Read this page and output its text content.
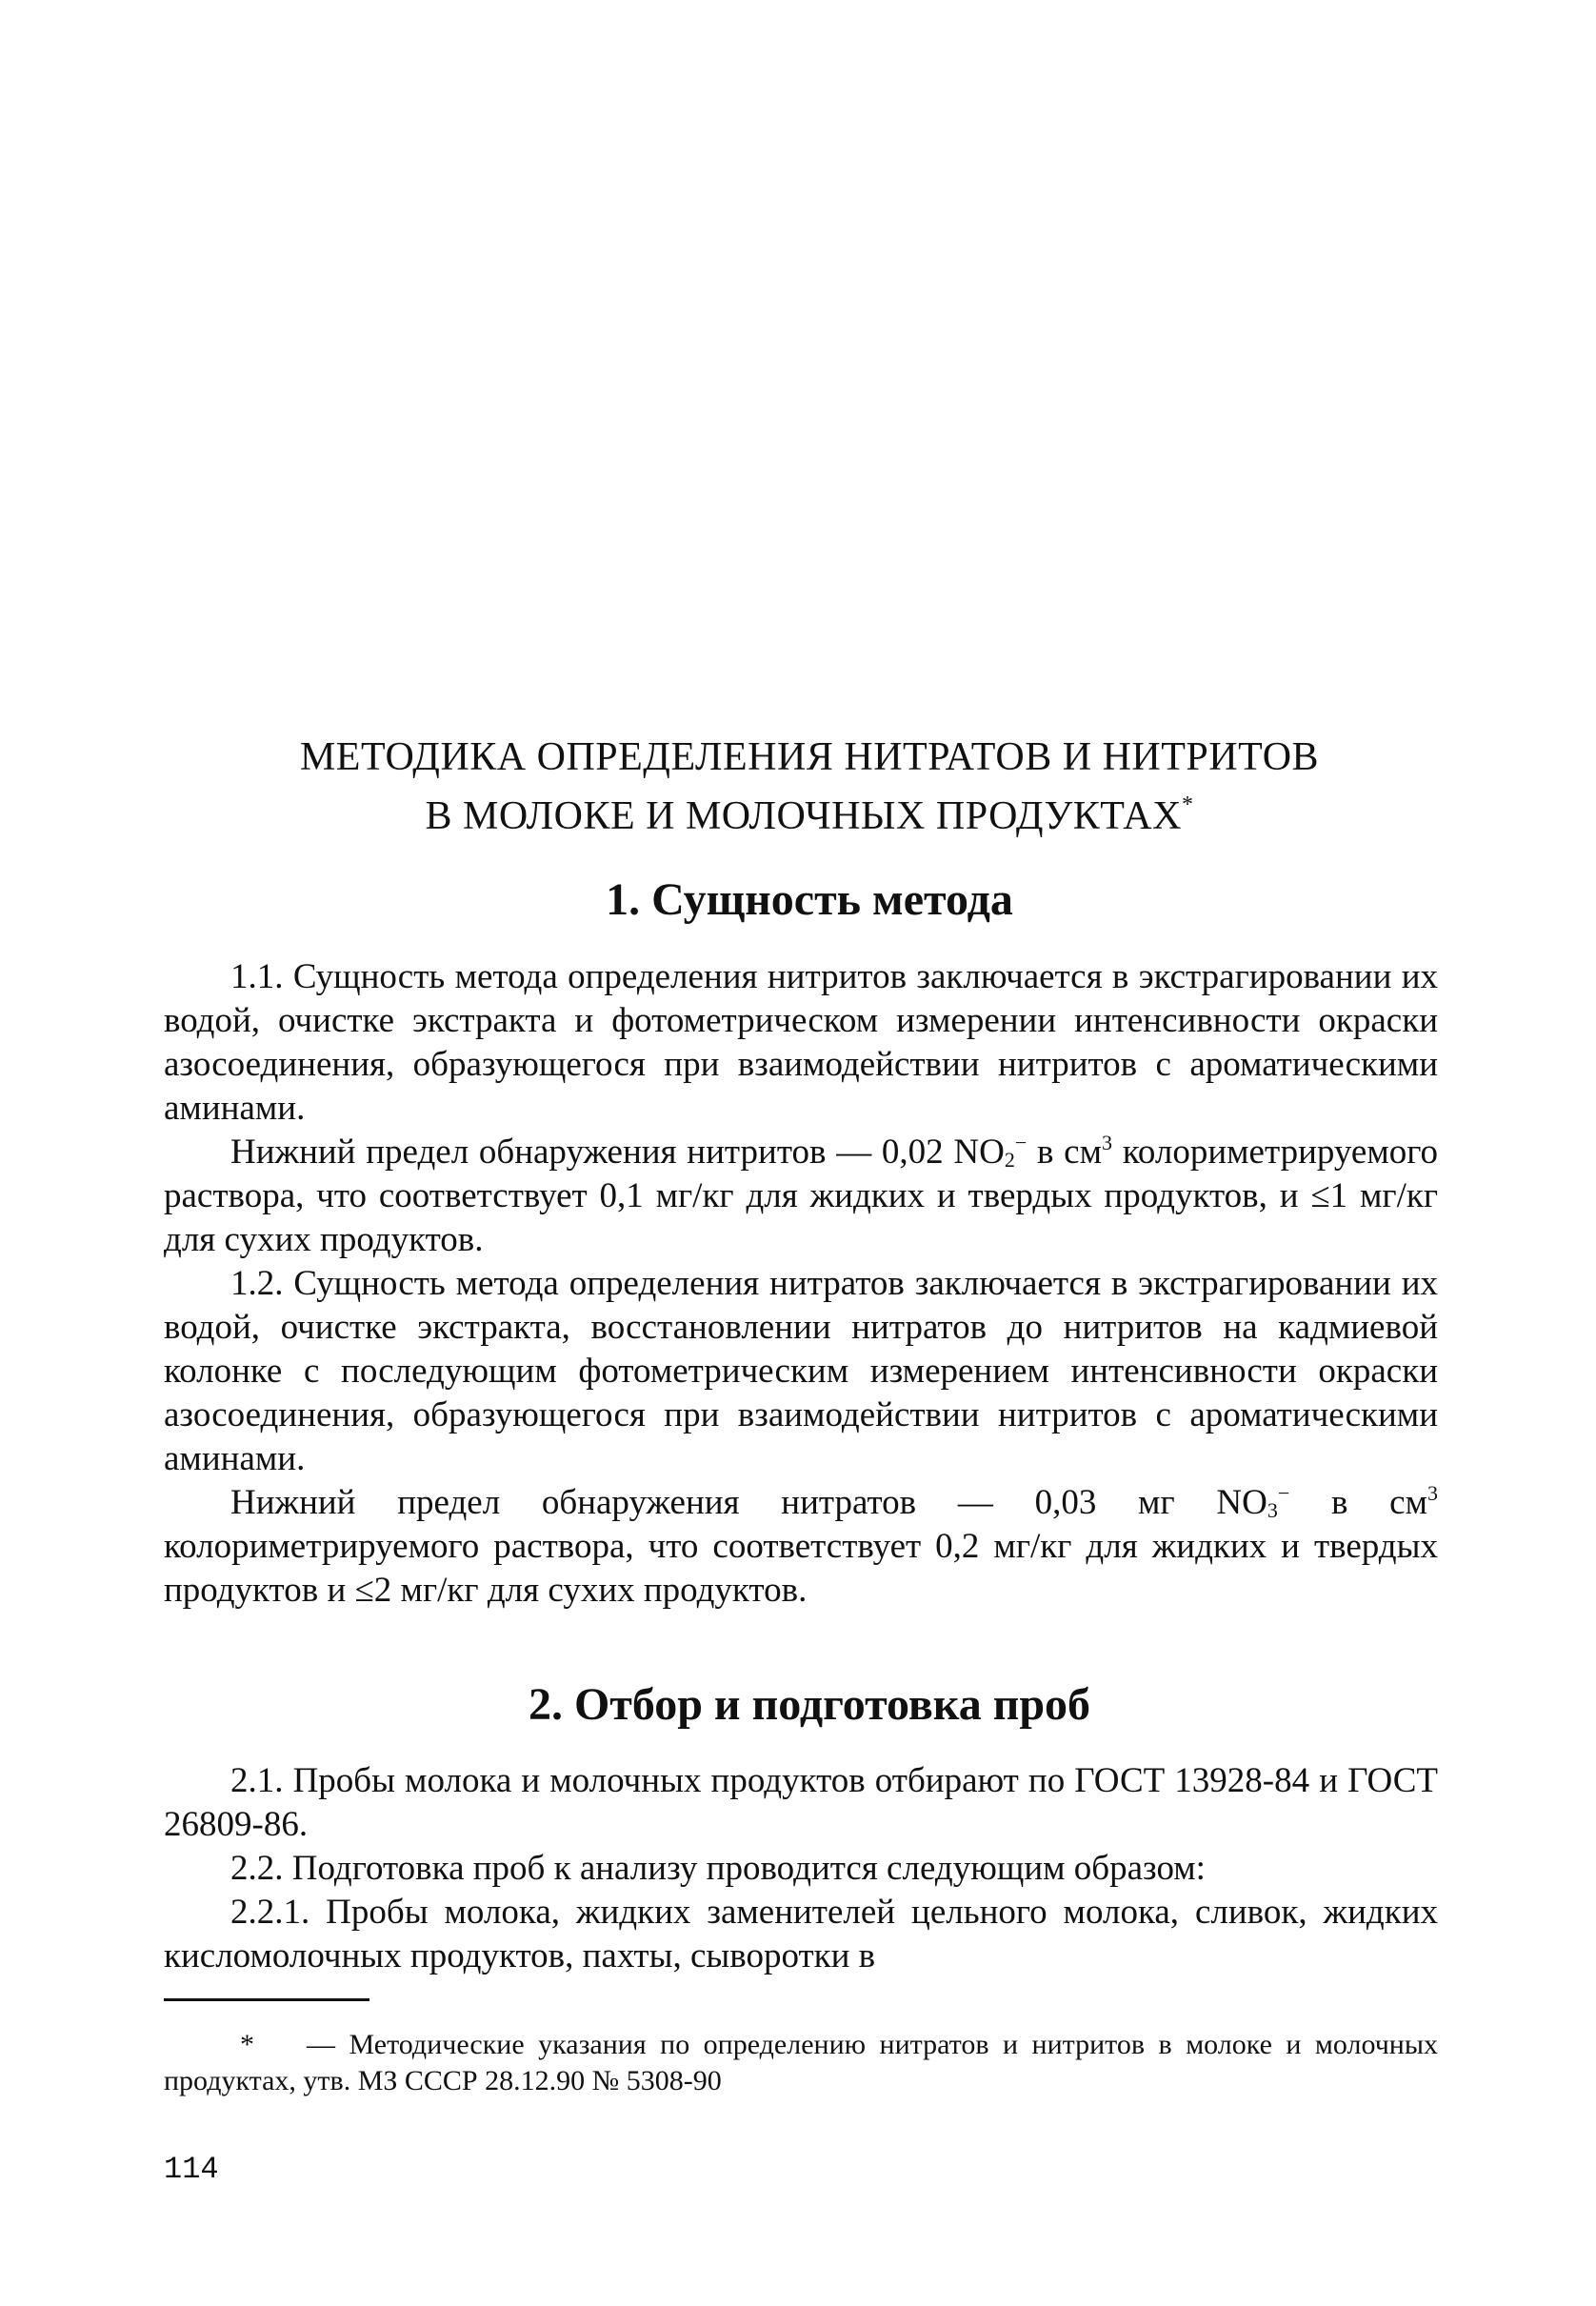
МЕТОДИКА ОПРЕДЕЛЕНИЯ НИТРАТОВ И НИТРИТОВ
В МОЛОКЕ И МОЛОЧНЫХ ПРОДУКТАХ*
1. Сущность метода

1.1. Сущность метода определения нитритов заключается в экстрагировании их водой, очистке экстракта и фотометрическом измерении интенсивности окраски азосоединения, образующегося при взаимодействии нитритов с ароматическими аминами.

Нижний предел обнаружения нитритов — 0,02 NO2− в $см^3$ колориметрируемого раствора, что соответствует 0,1 мг/кг для жидких и твердых продуктов, и ≤1 мг/кг для сухих продуктов.

1.2. Сущность метода определения нитратов заключается в экстрагировании их водой, очистке экстракта, восстановлении нитратов до нитритов на кадмиевой колонке с последующим фотометрическим измерением интенсивности окраски азосоединения, образующегося при взаимодействии нитритов с ароматическими аминами.

Нижний предел обнаружения нитратов — 0,03 мг NO3− в $см^3$ колориметрируемого раствора, что соответствует 0,2 мг/кг для жидких и твердых продуктов и ≤2 мг/кг для сухих продуктов.

2. Отбор и подготовка проб

2.1. Пробы молока и молочных продуктов отбирают по ГОСТ 13928-84 и ГОСТ 26809-86.

2.2. Подготовка проб к анализу проводится следующим образом:

2.2.1. Пробы молока, жидких заменителей цельного молока, сливок, жидких кисломолочных продуктов, пахты, сыворотки в

* — Методические указания по определению нитратов и нитритов в молоке и молочных продуктах, утв. МЗ СССР 28.12.90 № 5308-90
114
